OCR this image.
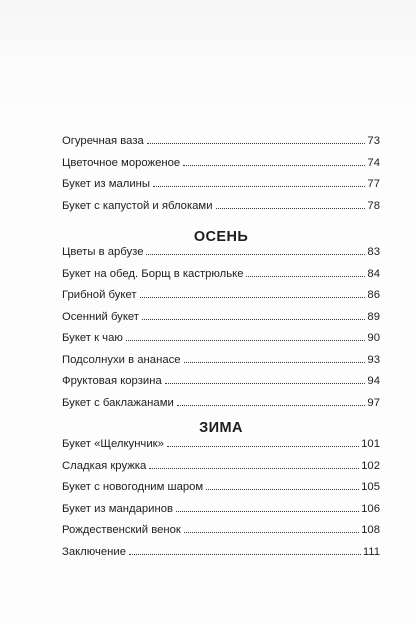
Огуречная ваза	73
Цветочное мороженое	74
Букет из малины	77
Букет с капустой и яблоками	78
ОСЕНЬ
Цветы в арбузе	83
Букет на обед. Борщ в кастрюльке	84
Грибной букет	86
Осенний букет	89
Букет к чаю	90
Подсолнухи в ананасе	93
Фруктовая корзина	94
Букет с баклажанами	97
ЗИМА
Букет «Щелкунчик»	101
Сладкая кружка	102
Букет с новогодним шаром	105
Букет из мандаринов	106
Рождественский венок	108
Заключение	111
